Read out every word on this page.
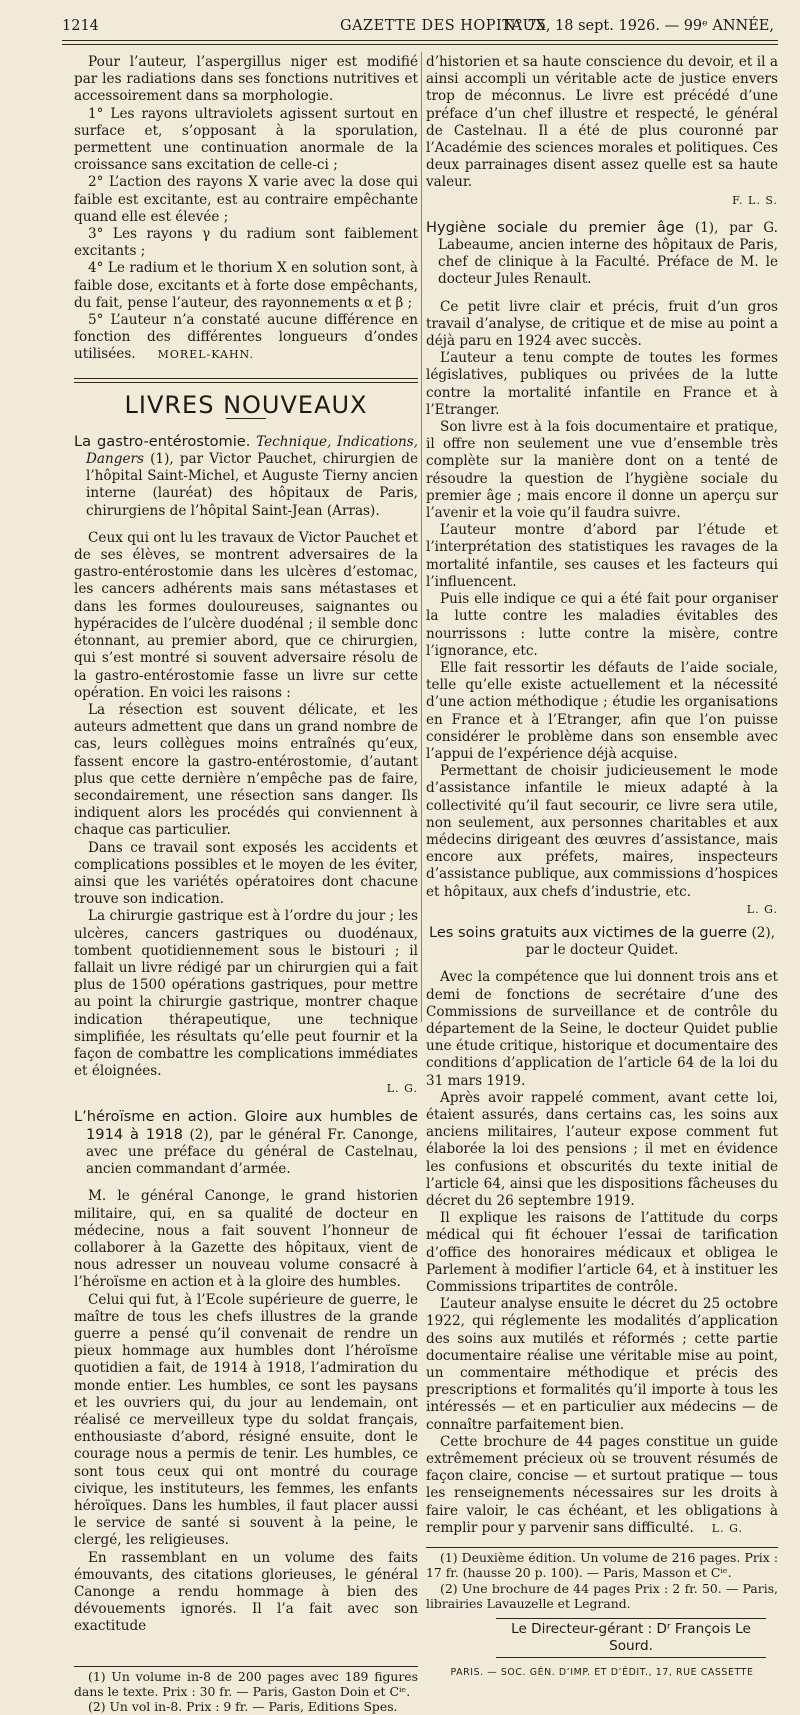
1214	GAZETTE DES HOPITAUX
N° 75, 18 sept. 1926. — 99ᵉ ANNÉE,

Pour l’auteur, l’aspergillus niger est modifié par les radiations dans ses fonctions nutritives et accessoirement dans sa morphologie.

1° Les rayons ultraviolets agissent surtout en surface et, s’opposant à la sporulation, permettent une continuation anormale de la croissance sans excitation de celle-ci ;

2° L’action des rayons X varie avec la dose qui faible est excitante, est au contraire empêchante quand elle est élevée ;

3° Les rayons γ du radium sont faiblement excitants ;

4° Le radium et le thorium X en solution sont, à faible dose, excitants et à forte dose empêchants, du fait, pense l’auteur, des rayonnements α et β ;

5° L’auteur n’a constaté aucune différence en fonction des différentes longueurs d’ondes utilisées. MOREL-KAHN.

LIVRES NOUVEAUX

La gastro-entérostomie. Technique, Indications, Dangers (1), par Victor Pauchet, chirurgien de l’hôpital Saint-Michel, et Auguste Tierny ancien interne (lauréat) des hôpitaux de Paris, chirurgiens de l’hôpital Saint-Jean (Arras).

Ceux qui ont lu les travaux de Victor Pauchet et de ses élèves, se montrent adversaires de la gastro-entérostomie dans les ulcères d’estomac, les cancers adhérents mais sans métastases et dans les formes douloureuses, saignantes ou hypéracides de l’ulcère duodénal ; il semble donc étonnant, au premier abord, que ce chirurgien, qui s’est montré si souvent adversaire résolu de la gastro-entérostomie fasse un livre sur cette opération. En voici les raisons :

La résection est souvent délicate, et les auteurs admettent que dans un grand nombre de cas, leurs collègues moins entraînés qu’eux, fassent encore la gastro-entérostomie, d’autant plus que cette dernière n’empêche pas de faire, secondairement, une résection sans danger. Ils indiquent alors les procédés qui conviennent à chaque cas particulier.

Dans ce travail sont exposés les accidents et complications possibles et le moyen de les éviter, ainsi que les variétés opératoires dont chacune trouve son indication.

La chirurgie gastrique est à l’ordre du jour ; les ulcères, cancers gastriques ou duodénaux, tombent quotidiennement sous le bistouri ; il fallait un livre rédigé par un chirurgien qui a fait plus de 1500 opérations gastriques, pour mettre au point la chirurgie gastrique, montrer chaque indication thérapeutique, une technique simplifiée, les résultats qu’elle peut fournir et la façon de combattre les complications immédiates et éloignées.

L. G.

L’héroïsme en action. Gloire aux humbles de 1914 à 1918 (2), par le général Fr. Canonge, avec une préface du général de Castelnau, ancien commandant d’armée.

M. le général Canonge, le grand historien militaire, qui, en sa qualité de docteur en médecine, nous a fait souvent l’honneur de collaborer à la Gazette des hôpitaux, vient de nous adresser un nouveau volume consacré à l’héroïsme en action et à la gloire des humbles.

Celui qui fut, à l’Ecole supérieure de guerre, le maître de tous les chefs illustres de la grande guerre a pensé qu’il convenait de rendre un pieux hommage aux humbles dont l’héroïsme quotidien a fait, de 1914 à 1918, l’admiration du monde entier. Les humbles, ce sont les paysans et les ouvriers qui, du jour au lendemain, ont réalisé ce merveilleux type du soldat français, enthousiaste d’abord, résigné ensuite, dont le courage nous a permis de tenir. Les humbles, ce sont tous ceux qui ont montré du courage civique, les instituteurs, les femmes, les enfants héroïques. Dans les humbles, il faut placer aussi le service de santé si souvent à la peine, le clergé, les religieuses.

En rassemblant en un volume des faits émouvants, des citations glorieuses, le général Canonge a rendu hommage à bien des dévouements ignorés. Il l’a fait avec son exactitude

(1) Un volume in-8 de 200 pages avec 189 figures dans le texte. Prix : 30 fr. — Paris, Gaston Doin et Cⁱᵉ.

(2) Un vol in-8. Prix : 9 fr. — Paris, Editions Spes.

d’historien et sa haute conscience du devoir, et il a ainsi accompli un véritable acte de justice envers trop de méconnus. Le livre est précédé d’une préface d’un chef illustre et respecté, le général de Castelnau. Il a été de plus couronné par l’Académie des sciences morales et politiques. Ces deux parrainages disent assez quelle est sa haute valeur.

F. L. S.

Hygiène sociale du premier âge (1), par G. Labeaume, ancien interne des hôpitaux de Paris, chef de clinique à la Faculté. Préface de M. le docteur Jules Renault.

Ce petit livre clair et précis, fruit d’un gros travail d’analyse, de critique et de mise au point a déjà paru en 1924 avec succès.

L’auteur a tenu compte de toutes les formes législatives, publiques ou privées de la lutte contre la mortalité infantile en France et à l’Etranger.

Son livre est à la fois documentaire et pratique, il offre non seulement une vue d’ensemble très complète sur la manière dont on a tenté de résoudre la question de l’hygiène sociale du premier âge ; mais encore il donne un aperçu sur l’avenir et la voie qu’il faudra suivre.

L’auteur montre d’abord par l’étude et l’interprétation des statistiques les ravages de la mortalité infantile, ses causes et les facteurs qui l’influencent.

Puis elle indique ce qui a été fait pour organiser la lutte contre les maladies évitables des nourrissons : lutte contre la misère, contre l’ignorance, etc.

Elle fait ressortir les défauts de l’aide sociale, telle qu’elle existe actuellement et la nécessité d’une action méthodique ; étudie les organisations en France et à l’Etranger, afin que l’on puisse considérer le problème dans son ensemble avec l’appui de l’expérience déjà acquise.

Permettant de choisir judicieusement le mode d’assistance infantile le mieux adapté à la collectivité qu’il faut secourir, ce livre sera utile, non seulement, aux personnes charitables et aux médecins dirigeant des œuvres d’assistance, mais encore aux préfets, maires, inspecteurs d’assistance publique, aux commissions d’hospices et hôpitaux, aux chefs d’industrie, etc.

L. G.

Les soins gratuits aux victimes de la guerre (2),
par le docteur Quidet.

Avec la compétence que lui donnent trois ans et demi de fonctions de secrétaire d’une des Commissions de surveillance et de contrôle du département de la Seine, le docteur Quidet publie une étude critique, historique et documentaire des conditions d’application de l’article 64 de la loi du 31 mars 1919.

Après avoir rappelé comment, avant cette loi, étaient assurés, dans certains cas, les soins aux anciens militaires, l’auteur expose comment fut élaborée la loi des pensions ; il met en évidence les confusions et obscurités du texte initial de l’article 64, ainsi que les dispositions fâcheuses du décret du 26 septembre 1919.

Il explique les raisons de l’attitude du corps médical qui fit échouer l’essai de tarification d’office des honoraires médicaux et obligea le Parlement à modifier l’article 64, et à instituer les Commissions tripartites de contrôle.

L’auteur analyse ensuite le décret du 25 octobre 1922, qui réglemente les modalités d’application des soins aux mutilés et réformés ; cette partie documentaire réalise une véritable mise au point, un commentaire méthodique et précis des prescriptions et formalités qu’il importe à tous les intéressés — et en particulier aux médecins — de connaître parfaitement bien.

Cette brochure de 44 pages constitue un guide extrêmement précieux où se trouvent résumés de façon claire, concise — et surtout pratique — tous les renseignements nécessaires sur les droits à faire valoir, le cas échéant, et les obligations à remplir pour y parvenir sans difficulté. L. G.

(1) Deuxième édition. Un volume de 216 pages. Prix : 17 fr. (hausse 20 p. 100). — Paris, Masson et Cⁱᵉ.

(2) Une brochure de 44 pages Prix : 2 fr. 50. — Paris, librairies Lavauzelle et Legrand.

Le Directeur-gérant : Dʳ François Le Sourd.
PARIS. — SOC. GÉN. D’IMP. ET D’ÉDIT., 17, RUE CASSETTE
